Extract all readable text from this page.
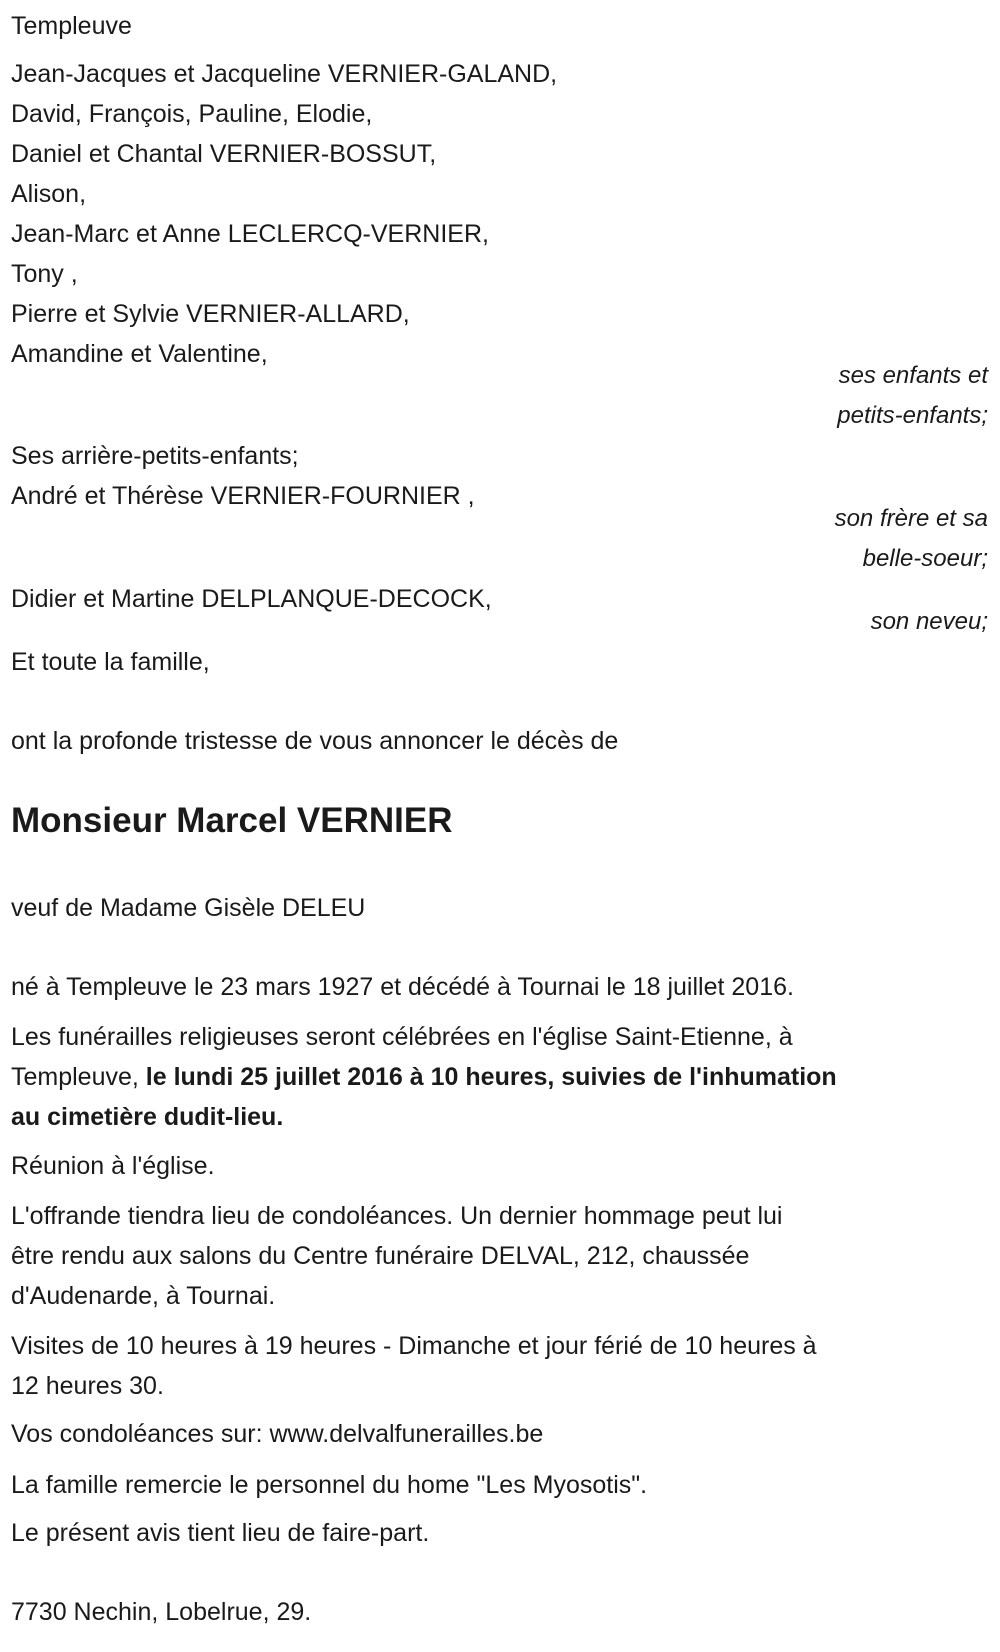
Templeuve
Jean-Jacques et Jacqueline VERNIER-GALAND,
David, François, Pauline, Elodie,
Daniel et Chantal VERNIER-BOSSUT,
Alison,
Jean-Marc et Anne LECLERCQ-VERNIER,
Tony ,
Pierre et Sylvie VERNIER-ALLARD,
Amandine et Valentine,
ses enfants et
petits-enfants;
Ses arrière-petits-enfants;
André et Thérèse VERNIER-FOURNIER ,
son frère et sa
belle-soeur;
Didier et Martine DELPLANQUE-DECOCK,
son neveu;
Et toute la famille,
ont la profonde tristesse de vous annoncer le décès de
Monsieur Marcel VERNIER
veuf de Madame Gisèle DELEU
né à Templeuve le 23 mars 1927 et décédé à Tournai le 18 juillet 2016.
Les funérailles religieuses seront célébrées en l'église Saint-Etienne, à
Templeuve, le lundi 25 juillet 2016 à 10 heures, suivies de l'inhumation
au cimetière dudit-lieu.
Réunion à l'église.
L'offrande tiendra lieu de condoléances. Un dernier hommage peut lui
être rendu aux salons du Centre funéraire DELVAL, 212, chaussée
d'Audenarde, à Tournai.
Visites de 10 heures à 19 heures - Dimanche et jour férié de 10 heures à
12 heures 30.
Vos condoléances sur: www.delvalfunerailles.be
La famille remercie le personnel du home "Les Myosotis".
Le présent avis tient lieu de faire-part.
7730 Nechin, Lobelrue, 29.
